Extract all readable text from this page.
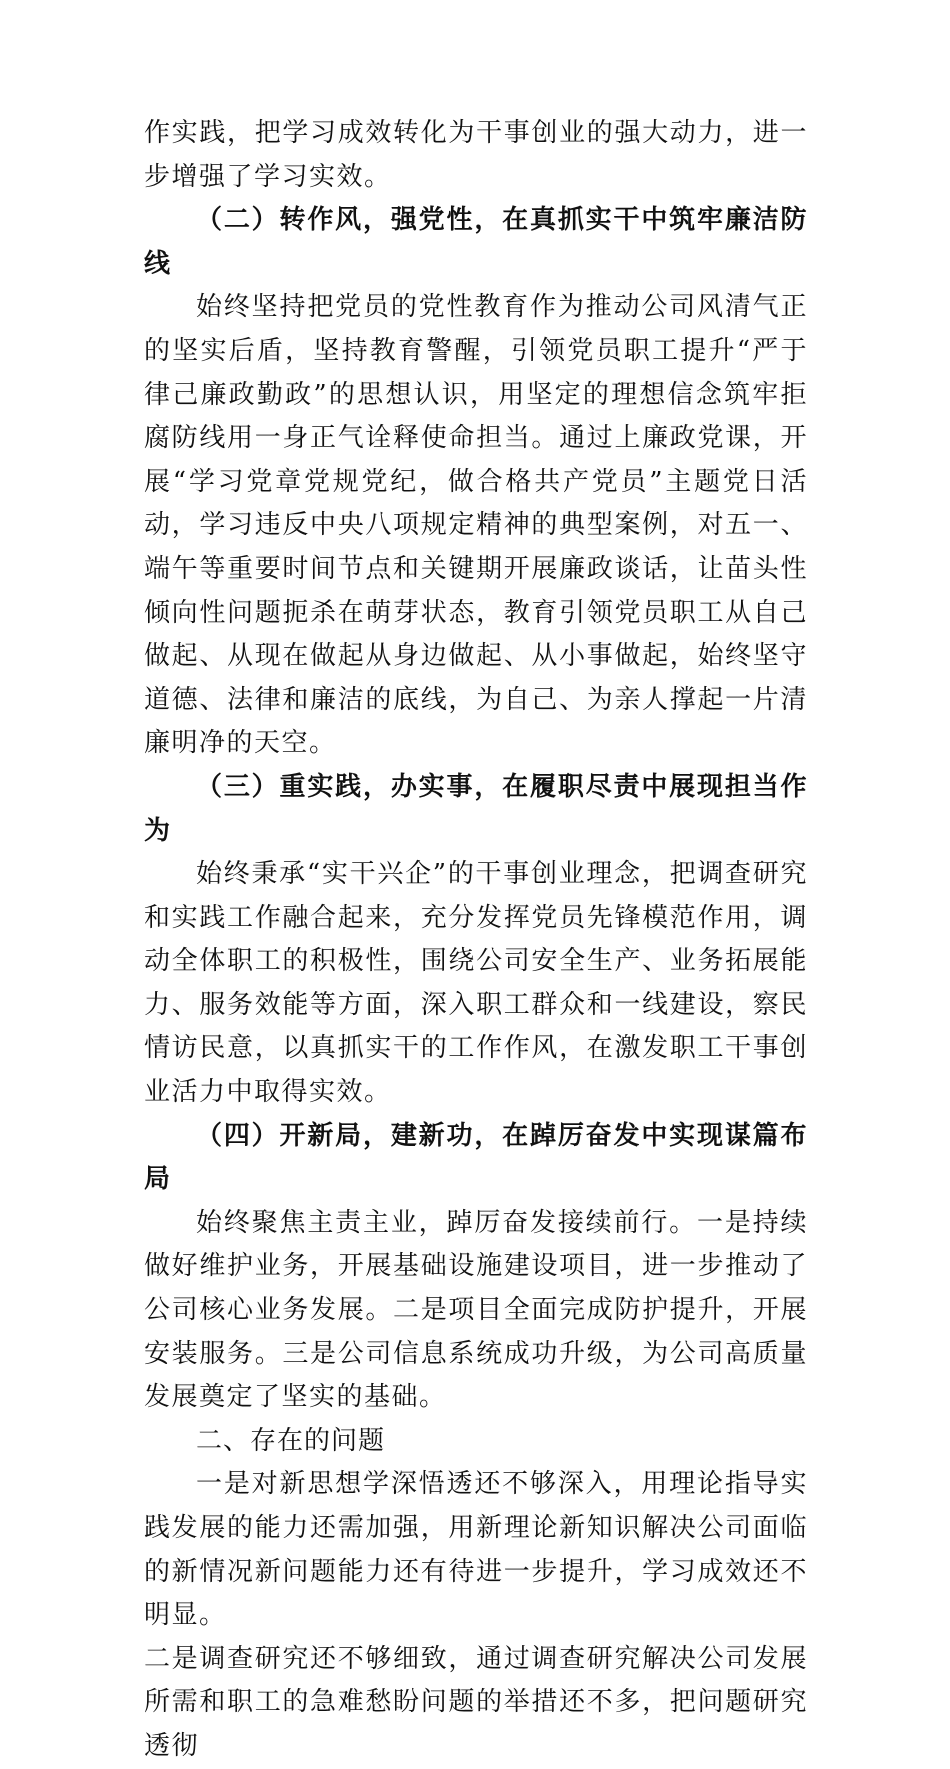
作实践，把学习成效转化为干事创业的强大动力，进一步增强了学习实效。

（二）转作风，强党性，在真抓实干中筑牢廉洁防线

始终坚持把党员的党性教育作为推动公司风清气正的坚实后盾，坚持教育警醒，引领党员职工提升“严于律己廉政勤政”的思想认识，用坚定的理想信念筑牢拒腐防线用一身正气诠释使命担当。通过上廉政党课，开展“学习党章党规党纪，做合格共产党员”主题党日活动，学习违反中央八项规定精神的典型案例，对五一、端午等重要时间节点和关键期开展廉政谈话，让苗头性倾向性问题扼杀在萌芽状态，教育引领党员职工从自己做起、从现在做起从身边做起、从小事做起，始终坚守道德、法律和廉洁的底线，为自己、为亲人撑起一片清廉明净的天空。

（三）重实践，办实事，在履职尽责中展现担当作为

始终秉承“实干兴企”的干事创业理念，把调查研究和实践工作融合起来，充分发挥党员先锋模范作用，调动全体职工的积极性，围绕公司安全生产、业务拓展能力、服务效能等方面，深入职工群众和一线建设，察民情访民意，以真抓实干的工作作风，在激发职工干事创业活力中取得实效。

（四）开新局，建新功，在踔厉奋发中实现谋篇布局

始终聚焦主责主业，踔厉奋发接续前行。一是持续做好维护业务，开展基础设施建设项目，进一步推动了公司核心业务发展。二是项目全面完成防护提升，开展安装服务。三是公司信息系统成功升级，为公司高质量发展奠定了坚实的基础。

二、存在的问题

一是对新思想学深悟透还不够深入，用理论指导实践发展的能力还需加强，用新理论新知识解决公司面临的新情况新问题能力还有待进一步提升，学习成效还不明显。

二是调查研究还不够细致，通过调查研究解决公司发展所需和职工的急难愁盼问题的举措还不多，把问题研究透彻
